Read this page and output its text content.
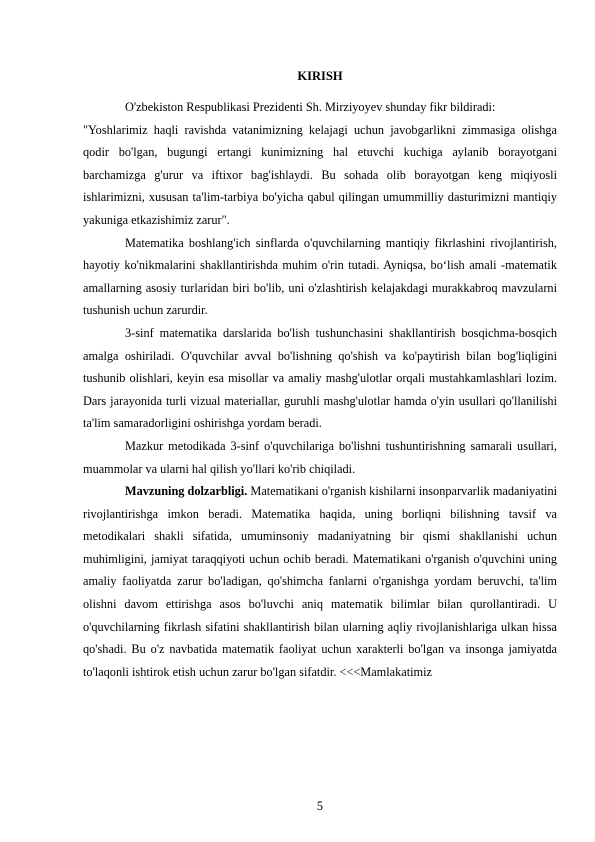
KIRISH

O'zbekiston Respublikasi Prezidenti Sh. Mirziyoyev shunday fikr bildiradi:

"Yoshlarimiz haqli ravishda vatanimizning kelajagi uchun javobgarlikni zimmasiga olishga qodir bo'lgan, bugungi ertangi kunimizning hal etuvchi kuchiga aylanib borayotgani barchamizga g'urur va iftixor bag'ishlaydi. Bu sohada olib borayotgan keng miqiyosli ishlarimizni, xususan ta'lim-tarbiya bo'yicha qabul qilingan umummilliy dasturimizni mantiqiy yakuniga etkazishimiz zarur".

Matematika boshlang'ich sinflarda o'quvchilarning mantiqiy fikrlashini rivojlantirish, hayotiy ko'nikmalarini shakllantirishda muhim o'rin tutadi. Ayniqsa, bo‘lish amali -matematik amallarning asosiy turlaridan biri bo'lib, uni o'zlashtirish kelajakdagi murakkabroq mavzularni tushunish uchun zarurdir.

3-sinf matematika darslarida bo'lish tushunchasini shakllantirish bosqichma-bosqich amalga oshiriladi. O'quvchilar avval bo'lishning qo'shish va ko'paytirish bilan bog'liqligini tushunib olishlari, keyin esa misollar va amaliy mashg'ulotlar orqali mustahkamlashlari lozim. Dars jarayonida turli vizual materiallar, guruhli mashg'ulotlar hamda o'yin usullari qo'llanilishi ta'lim samaradorligini oshirishga yordam beradi.

Mazkur metodikada 3-sinf o'quvchilariga bo'lishni tushuntirishning samarali usullari, muammolar va ularni hal qilish yo'llari ko'rib chiqiladi.

Mavzuning dolzarbligi. Matematikani o'rganish kishilarni insonparvarlik madaniyatini rivojlantirishga imkon beradi. Matematika haqida, uning borliqni bilishning tavsif va metodikalari shakli sifatida, umuminsoniy madaniyatning bir qismi shakllanishi uchun muhimligini, jamiyat taraqqiyoti uchun ochib beradi. Matematikani o'rganish o'quvchini uning amaliy faoliyatda zarur bo'ladigan, qo'shimcha fanlarni o'rganishga yordam beruvchi, ta'lim olishni davom ettirishga asos bo'luvchi aniq matematik bilimlar bilan qurollantiradi. U o'quvchilarning fikrlash sifatini shakllantirish bilan ularning aqliy rivojlanishlariga ulkan hissa qo'shadi. Bu o'z navbatida matematik faoliyat uchun xarakterli bo'lgan va insonga jamiyatda to'laqonli ishtirok etish uchun zarur bo'lgan sifatdir. <<<Mamlakatimiz

5
